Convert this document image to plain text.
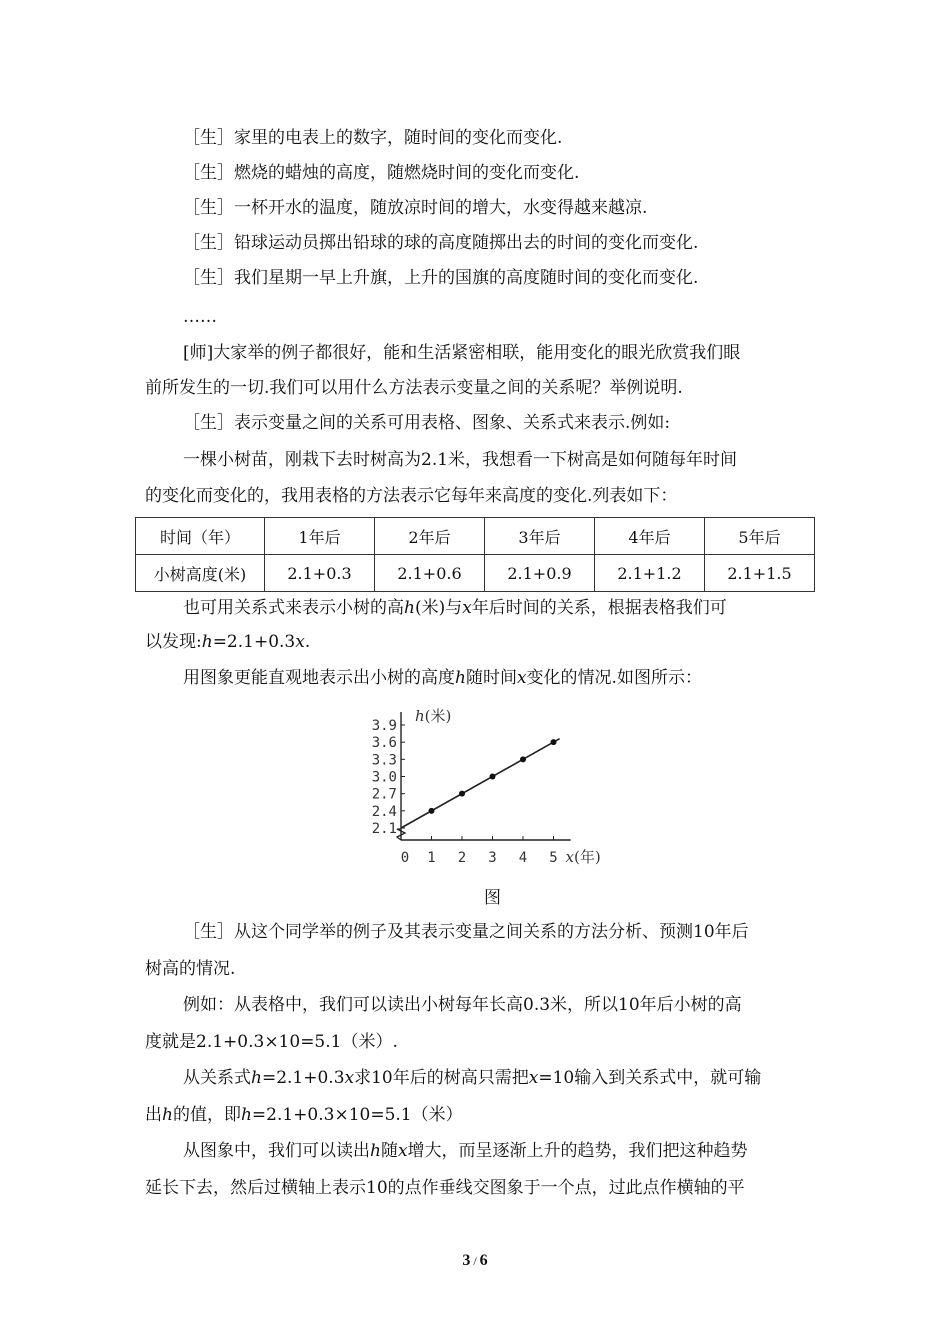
［生］家里的电表上的数字，随时间的变化而变化.
［生］燃烧的蜡烛的高度，随燃烧时间的变化而变化.
［生］一杯开水的温度，随放凉时间的增大，水变得越来越凉.
［生］铅球运动员掷出铅球的球的高度随掷出去的时间的变化而变化.
［生］我们星期一早上升旗，上升的国旗的高度随时间的变化而变化.
……
[师]大家举的例子都很好，能和生活紧密相联，能用变化的眼光欣赏我们眼
前所发生的一切.我们可以用什么方法表示变量之间的关系呢？举例说明.
［生］表示变量之间的关系可用表格、图象、关系式来表示.例如:
一棵小树苗，刚栽下去时树高为2.1米，我想看一下树高是如何随每年时间
的变化而变化的，我用表格的方法表示它每年来高度的变化.列表如下：
时间（年）	1年后	2年后	3年后	4年后	5年后
小树高度(米)	2.1+0.3	2.1+0.6	2.1+0.9	2.1+1.2	2.1+1.5
也可用关系式来表示小树的高h(米)与x年后时间的关系，根据表格我们可
以发现:h=2.1+0.3x.
用图象更能直观地表示出小树的高度h随时间x变化的情况.如图所示：
2.1
2.4
2.7
3.0
3.3
3.6
3.9
0 1 2 3 4 5
h(米)
x(年)
图
［生］从这个同学举的例子及其表示变量之间关系的方法分析、预测10年后
树高的情况.
例如：从表格中，我们可以读出小树每年长高0.3米，所以10年后小树的高
度就是2.1+0.3×10=5.1（米）.
从关系式h=2.1+0.3x求10年后的树高只需把x=10输入到关系式中，就可输
出h的值，即h=2.1+0.3×10=5.1（米）
从图象中，我们可以读出h随x增大，而呈逐渐上升的趋势，我们把这种趋势
延长下去，然后过横轴上表示10的点作垂线交图象于一个点，过此点作横轴的平
3 / 6
